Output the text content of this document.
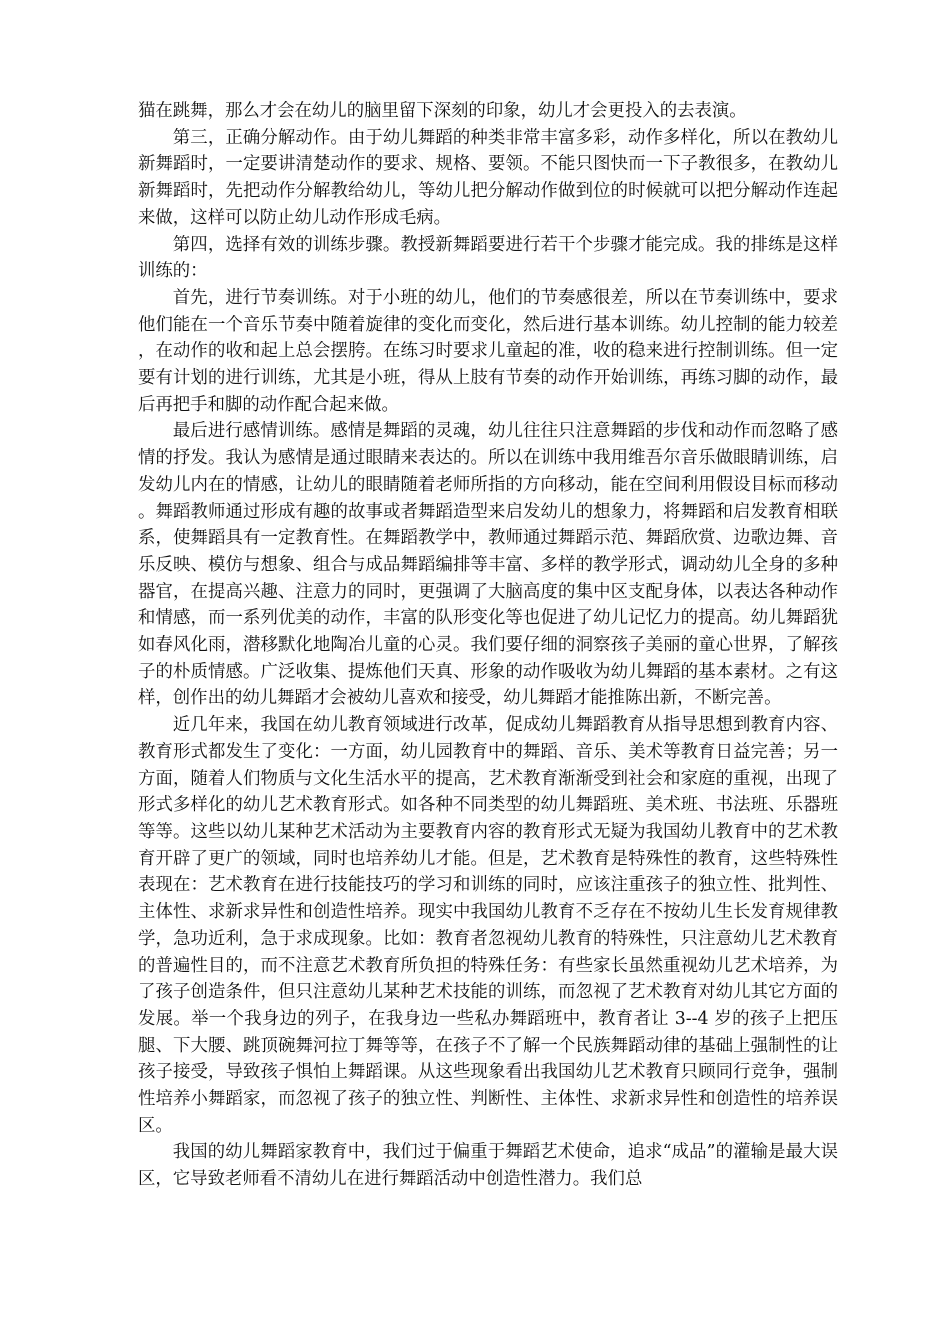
猫在跳舞，那么才会在幼儿的脑里留下深刻的印象，幼儿才会更投入的去表演。

第三，正确分解动作。由于幼儿舞蹈的种类非常丰富多彩，动作多样化，所以在教幼儿新舞蹈时，一定要讲清楚动作的要求、规格、要领。不能只图快而一下子教很多，在教幼儿新舞蹈时，先把动作分解教给幼儿，等幼儿把分解动作做到位的时候就可以把分解动作连起来做，这样可以防止幼儿动作形成毛病。

第四，选择有效的训练步骤。教授新舞蹈要进行若干个步骤才能完成。我的排练是这样训练的：

首先，进行节奏训练。对于小班的幼儿，他们的节奏感很差，所以在节奏训练中，要求他们能在一个音乐节奏中随着旋律的变化而变化，然后进行基本训练。幼儿控制的能力较差，在动作的收和起上总会摆胯。在练习时要求儿童起的准，收的稳来进行控制训练。但一定要有计划的进行训练，尤其是小班，得从上肢有节奏的动作开始训练，再练习脚的动作，最后再把手和脚的动作配合起来做。

最后进行感情训练。感情是舞蹈的灵魂，幼儿往往只注意舞蹈的步伐和动作而忽略了感情的抒发。我认为感情是通过眼睛来表达的。所以在训练中我用维吾尔音乐做眼睛训练，启发幼儿内在的情感，让幼儿的眼睛随着老师所指的方向移动，能在空间利用假设目标而移动。舞蹈教师通过形成有趣的故事或者舞蹈造型来启发幼儿的想象力，将舞蹈和启发教育相联系，使舞蹈具有一定教育性。在舞蹈教学中，教师通过舞蹈示范、舞蹈欣赏、边歌边舞、音乐反映、模仿与想象、组合与成品舞蹈编排等丰富、多样的教学形式，调动幼儿全身的多种器官，在提高兴趣、注意力的同时，更强调了大脑高度的集中区支配身体，以表达各种动作和情感，而一系列优美的动作，丰富的队形变化等也促进了幼儿记忆力的提高。幼儿舞蹈犹如春风化雨，潜移默化地陶冶儿童的心灵。我们要仔细的洞察孩子美丽的童心世界，了解孩子的朴质情感。广泛收集、提炼他们天真、形象的动作吸收为幼儿舞蹈的基本素材。之有这样，创作出的幼儿舞蹈才会被幼儿喜欢和接受，幼儿舞蹈才能推陈出新，不断完善。

近几年来，我国在幼儿教育领域进行改革，促成幼儿舞蹈教育从指导思想到教育内容、教育形式都发生了变化：一方面，幼儿园教育中的舞蹈、音乐、美术等教育日益完善；另一方面，随着人们物质与文化生活水平的提高，艺术教育渐渐受到社会和家庭的重视，出现了形式多样化的幼儿艺术教育形式。如各种不同类型的幼儿舞蹈班、美术班、书法班、乐器班等等。这些以幼儿某种艺术活动为主要教育内容的教育形式无疑为我国幼儿教育中的艺术教育开辟了更广的领域，同时也培养幼儿才能。但是，艺术教育是特殊性的教育，这些特殊性表现在：艺术教育在进行技能技巧的学习和训练的同时，应该注重孩子的独立性、批判性、主体性、求新求异性和创造性培养。现实中我国幼儿教育不乏存在不按幼儿生长发育规律教学，急功近利，急于求成现象。比如：教育者忽视幼儿教育的特殊性，只注意幼儿艺术教育的普遍性目的，而不注意艺术教育所负担的特殊任务：有些家长虽然重视幼儿艺术培养，为了孩子创造条件，但只注意幼儿某种艺术技能的训练，而忽视了艺术教育对幼儿其它方面的发展。举一个我身边的列子，在我身边一些私办舞蹈班中，教育者让 3--4 岁的孩子上把压腿、下大腰、跳顶碗舞河拉丁舞等等，在孩子不了解一个民族舞蹈动律的基础上强制性的让孩子接受，导致孩子惧怕上舞蹈课。从这些现象看出我国幼儿艺术教育只顾同行竞争，强制性培养小舞蹈家，而忽视了孩子的独立性、判断性、主体性、求新求异性和创造性的培养误区。

我国的幼儿舞蹈家教育中，我们过于偏重于舞蹈艺术使命，追求“成品”的灌输是最大误区，它导致老师看不清幼儿在进行舞蹈活动中创造性潜力。我们总
